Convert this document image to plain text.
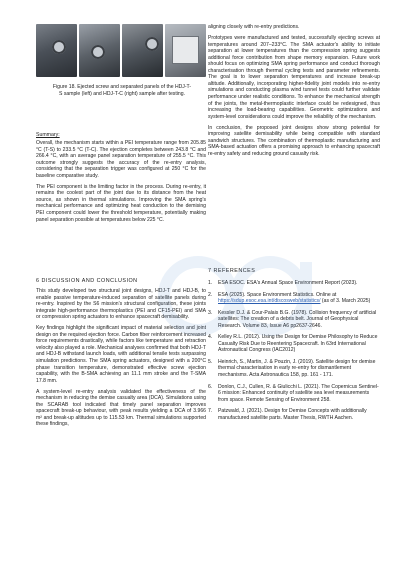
Figure 18. Ejected screw and separated panels of the HDJ-T-S sample (left) and HDJ-T-C (right) sample after testing.
Summary:

Overall, the mechanism starts within a PEI temperature range from 205.85 °C (T-S) to 233.5 °C (T-C). The ejection completes between 243.8 °C and 266.4 °C, with an average panel separation temperature of 255.5 °C. This outcome strongly suggests the accuracy of the re-entry analysis, considering that the separation trigger was configured at 250 °C for the baseline comparative study.

The PEI component is the limiting factor in the process. During re-entry, it remains the coolest part of the joint due to its distance from the heat source, as shown in thermal simulations. Improving the SMA spring's mechanical performance and optimizing heat conduction to the demising PEI component could lower the threshold temperature, potentially making panel separation possible at temperatures below 225 °C.

6 DISCUSSION AND CONCLUSION

This study developed two structural joint designs, HDJ-T and HDJ-B, to enable passive temperature-induced separation of satellite panels during re-entry. Inspired by the S6 mission's structural configuration, these joints integrate high-performance thermoplastics (PEI and CF15-PEI) and SMA or compression spring actuators to enhance spacecraft demisability.

Key findings highlight the significant impact of material selection and joint design on the required ejection force. Carbon fiber reinforcement increased force requirements drastically, while factors like temperature and retraction velocity also played a role. Mechanical analyses confirmed that both HDJ-T and HDJ-B withstand launch loads, with additional tensile tests surpassing simulation predictions. The SMA spring actuators, designed with a 200°C phase transition temperature, demonstrated effective screw ejection capability, with the B-SMA achieving an 11.1 mm stroke and the T-SMA 17.8 mm.

A system-level re-entry analysis validated the effectiveness of the mechanism in reducing the demise casualty area (DCA). Simulations using the SCARAB tool indicated that timely panel separation improves spacecraft break-up behaviour, with peak results yielding a DCA of 3.966 m² and break-up altitudes up to 115.53 km. Thermal simulations supported these findings,

aligning closely with re-entry predictions.

Prototypes were manufactured and tested, successfully ejecting screws at temperatures around 207–233°C. The SMA actuator's ability to initiate separation at lower temperatures than the compression spring suggests additional force contribution from shape memory expansion. Future work should focus on optimizing SMA spring performance and conduct thorough characterisation through thermal cycling tests and parameter refinements. The goal is to lower separation temperatures and increase break-up altitude. Additionally, incorporating higher-fidelity joint models into re-entry simulations and conducting plasma wind tunnel tests could further validate performance under realistic conditions. To enhance the mechanical strength of the joints, the metal-thermoplastic interface could be redesigned, thus increasing the load-bearing capabilities. Geometric optimizations and system-level considerations could improve the reliability of the mechanism.

In conclusion, the proposed joint designs show strong potential for improving satellite demisability while being compatible with standard sandwich structures. The combination of thermoplastic manufacturing and SMA-based actuation offers a promising approach to enhancing spacecraft re-entry safety and reducing ground casualty risk.

7 REFERENCES
1.	ESA ESOC. ESA's Annual Space Environment Report (2023).
2.	ESA (2025). Space Environment Statistics. Online at https://sdup.esoc.esa.int/discosweb/statistics/ (as of 3. March 2025)
3.	Kessler D.J. & Cour-Palais B.G. (1978). Collision frequency of artificial satellites: The creation of a debris belt. Journal of Geophysical Research. Volume 83, Issue A6 pp2637-2646.
4.	Kelley R.L. (2012). Using the Design for Demise Philosophy to Reduce Casualty Risk Due to Reentering Spacecraft. In 63rd International Astronautical Congress (IAC2012)
5.	Heinrich, S., Martin, J. & Pouzin, J. (2019). Satellite design for demise thermal characterisation in early re-entry for dismantlement mechanisms. Acta Astronautica 158, pp. 161 - 171.
6.	Donlon, C.J., Cullen, R. & Giulicchi L. (2021). The Copernicus Sentinel-6 mission: Enhanced continuity of satellite sea level measurements from space. Remote Sensing of Environment 258.
7.	Patzwald, J. (2021). Design for Demise Concepts with additionally manufactured satellite parts. Master Thesis, RWTH Aachen.
